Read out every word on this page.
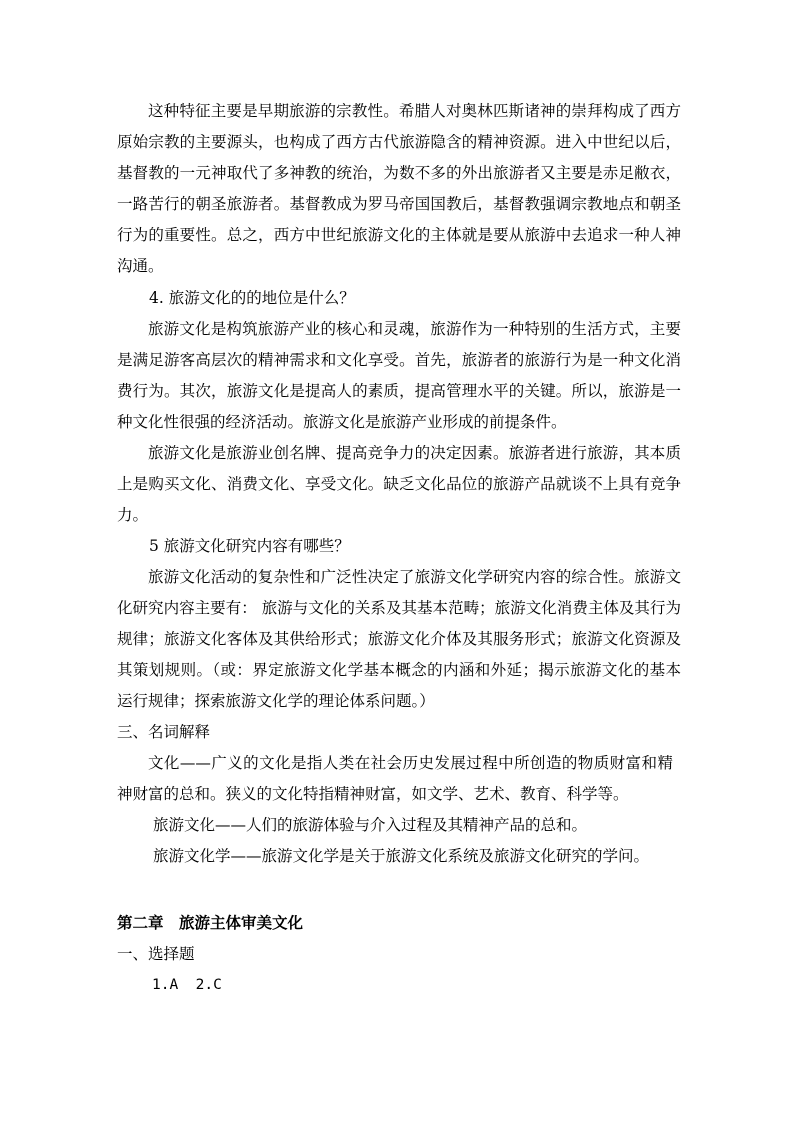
这种特征主要是早期旅游的宗教性。希腊人对奥林匹斯诸神的崇拜构成了西方原始宗教的主要源头，也构成了西方古代旅游隐含的精神资源。进入中世纪以后，基督教的一元神取代了多神教的统治，为数不多的外出旅游者又主要是赤足敝衣，一路苦行的朝圣旅游者。基督教成为罗马帝国国教后，基督教强调宗教地点和朝圣行为的重要性。总之，西方中世纪旅游文化的主体就是要从旅游中去追求一种人神沟通。

4. 旅游文化的的地位是什么？

旅游文化是构筑旅游产业的核心和灵魂，旅游作为一种特别的生活方式，主要是满足游客高层次的精神需求和文化享受。首先，旅游者的旅游行为是一种文化消费行为。其次，旅游文化是提高人的素质，提高管理水平的关键。所以，旅游是一种文化性很强的经济活动。旅游文化是旅游产业形成的前提条件。

旅游文化是旅游业创名牌、提高竞争力的决定因素。旅游者进行旅游，其本质上是购买文化、消费文化、享受文化。缺乏文化品位的旅游产品就谈不上具有竞争力。

5 旅游文化研究内容有哪些？

旅游文化活动的复杂性和广泛性决定了旅游文化学研究内容的综合性。旅游文化研究内容主要有： 旅游与文化的关系及其基本范畴；旅游文化消费主体及其行为规律；旅游文化客体及其供给形式；旅游文化介体及其服务形式；旅游文化资源及其策划规则。（或：界定旅游文化学基本概念的内涵和外延；揭示旅游文化的基本运行规律；探索旅游文化学的理论体系问题。）

三、名词解释

文化——广义的文化是指人类在社会历史发展过程中所创造的物质财富和精神财富的总和。狭义的文化特指精神财富，如文学、艺术、教育、科学等。

旅游文化——人们的旅游体验与介入过程及其精神产品的总和。

旅游文化学——旅游文化学是关于旅游文化系统及旅游文化研究的学问。

第二章　旅游主体审美文化

一、选择题

1.A  2.C
